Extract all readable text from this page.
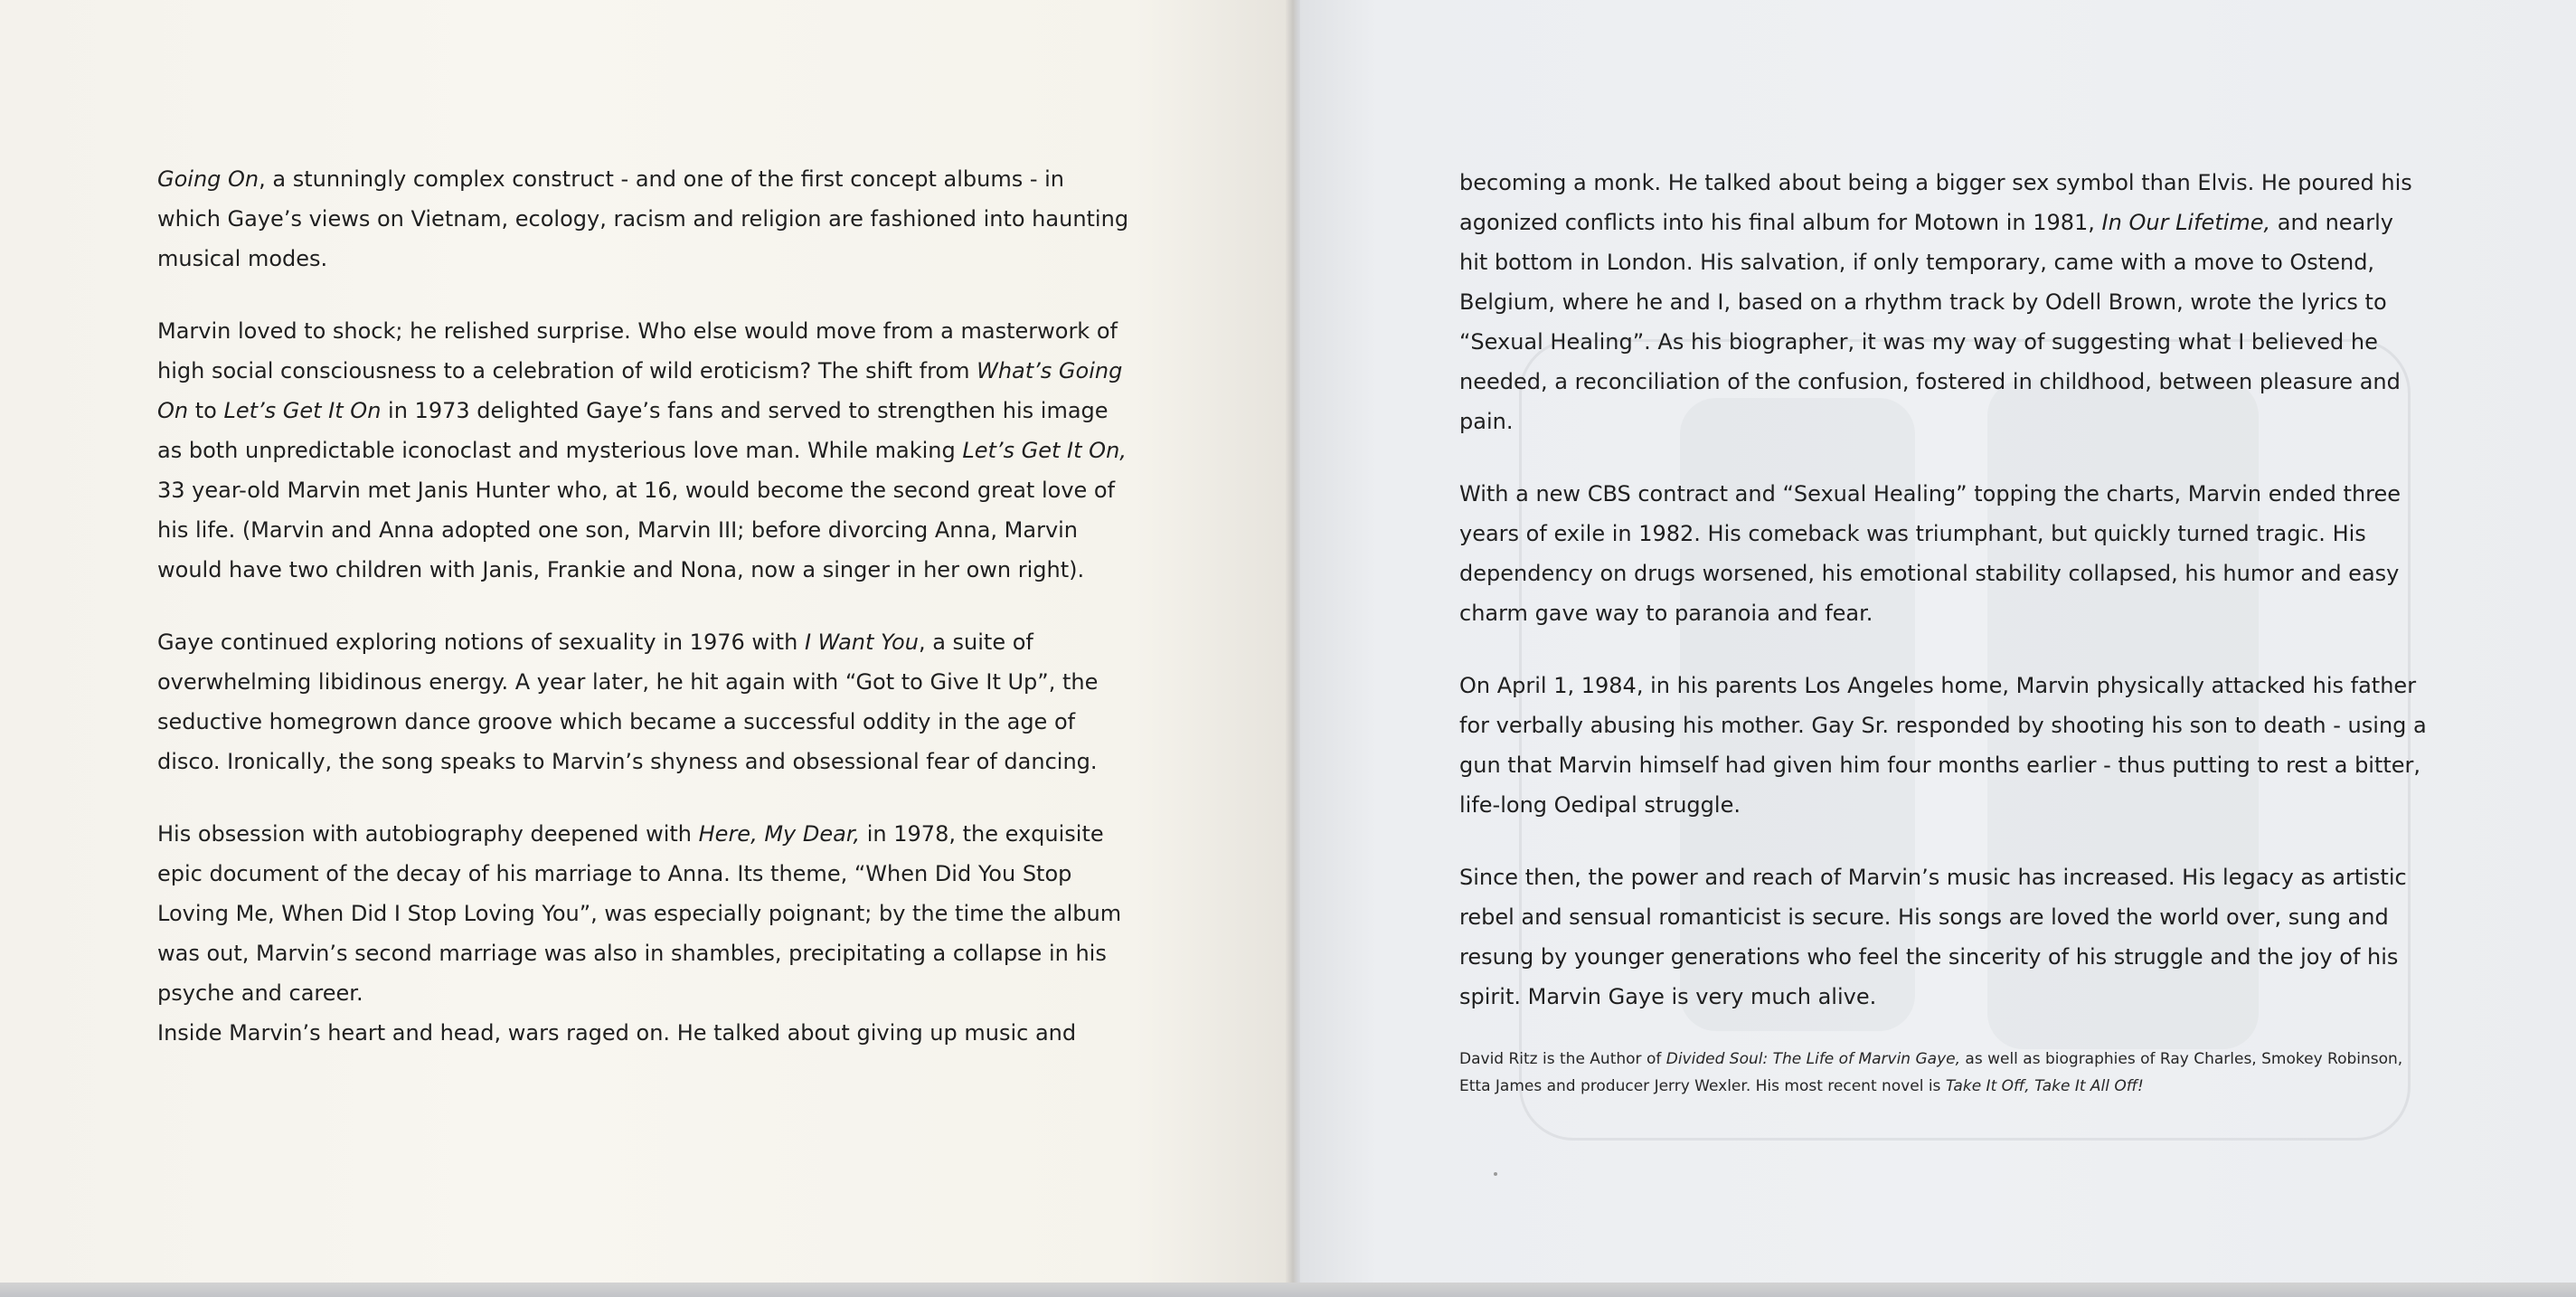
Going On, a stunningly complex construct - and one of the first concept albums - in which Gaye’s views on Vietnam, ecology, racism and religion are fashioned into haunting musical modes.

Marvin loved to shock; he relished surprise. Who else would move from a masterwork of high social consciousness to a celebration of wild eroticism? The shift from What’s Going On to Let’s Get It On in 1973 delighted Gaye’s fans and served to strengthen his image as both unpredictable iconoclast and mysterious love man. While making Let’s Get It On, 33 year-old Marvin met Janis Hunter who, at 16, would become the second great love of his life. (Marvin and Anna adopted one son, Marvin III; before divorcing Anna, Marvin would have two children with Janis, Frankie and Nona, now a singer in her own right).

Gaye continued exploring notions of sexuality in 1976 with I Want You, a suite of overwhelming libidinous energy. A year later, he hit again with “Got to Give It Up”, the seductive homegrown dance groove which became a successful oddity in the age of disco. Ironically, the song speaks to Marvin’s shyness and obsessional fear of dancing.

His obsession with autobiography deepened with Here, My Dear, in 1978, the exquisite epic document of the decay of his marriage to Anna. Its theme, “When Did You Stop Loving Me, When Did I Stop Loving You”, was especially poignant; by the time the album was out, Marvin’s second marriage was also in shambles, precipitating a collapse in his psyche and career.

Inside Marvin’s heart and head, wars raged on. He talked about giving up music and

becoming a monk. He talked about being a bigger sex symbol than Elvis. He poured his agonized conflicts into his final album for Motown in 1981, In Our Lifetime, and nearly hit bottom in London. His salvation, if only temporary, came with a move to Ostend, Belgium, where he and I, based on a rhythm track by Odell Brown, wrote the lyrics to “Sexual Healing”. As his biographer, it was my way of suggesting what I believed he needed, a reconciliation of the confusion, fostered in childhood, between pleasure and pain.

With a new CBS contract and “Sexual Healing” topping the charts, Marvin ended three years of exile in 1982. His comeback was triumphant, but quickly turned tragic. His dependency on drugs worsened, his emotional stability collapsed, his humor and easy charm gave way to paranoia and fear.

On April 1, 1984, in his parents Los Angeles home, Marvin physically attacked his father for verbally abusing his mother. Gay Sr. responded by shooting his son to death - using a gun that Marvin himself had given him four months earlier - thus putting to rest a bitter, life-long Oedipal struggle.

Since then, the power and reach of Marvin’s music has increased. His legacy as artistic rebel and sensual romanticist is secure. His songs are loved the world over, sung and resung by younger generations who feel the sincerity of his struggle and the joy of his spirit. Marvin Gaye is very much alive.

David Ritz is the Author of Divided Soul: The Life of Marvin Gaye, as well as biographies of Ray Charles, Smokey Robinson, Etta James and producer Jerry Wexler. His most recent novel is Take It Off, Take It All Off!
